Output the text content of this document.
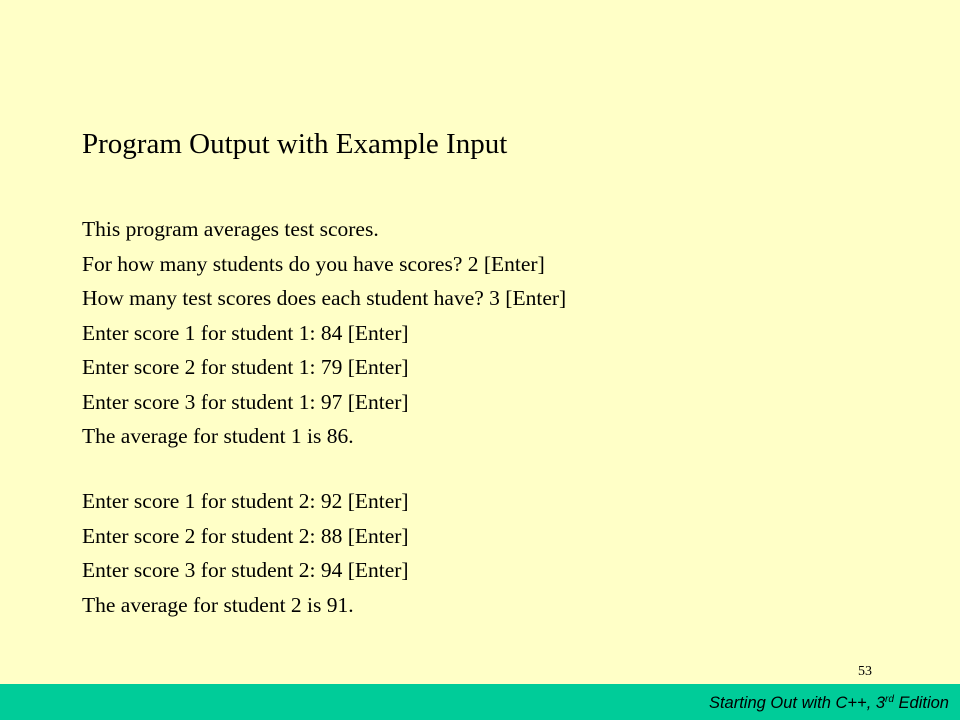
Program Output with Example Input
This program averages test scores.
For how many students do you have scores? 2 [Enter]
How many test scores does each student have? 3 [Enter]
Enter score 1 for student 1: 84 [Enter]
Enter score 2 for student 1: 79 [Enter]
Enter score 3 for student 1: 97 [Enter]
The average for student 1 is 86.
Enter score 1 for student 2: 92 [Enter]
Enter score 2 for student 2: 88 [Enter]
Enter score 3 for student 2: 94 [Enter]
The average for student 2 is 91.
53
Starting Out with C++, 3rd Edition
